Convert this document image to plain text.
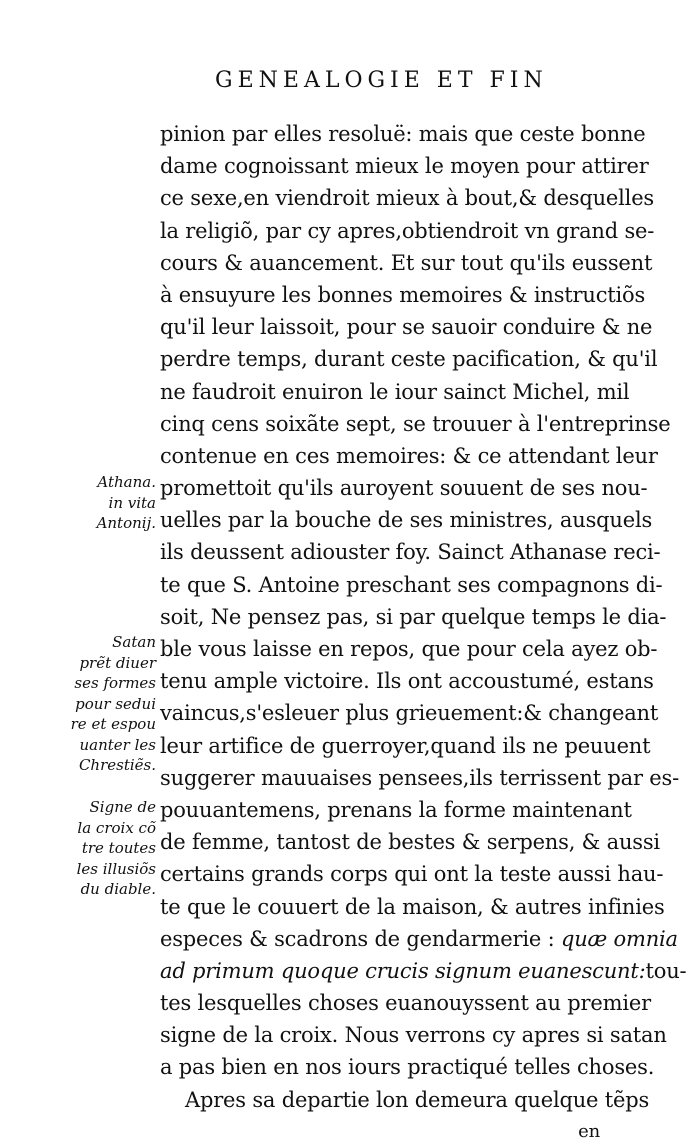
GENEALOGIE ET FIN
pinion par elles resoluë: mais que ceste bonne
dame cognoissant mieux le moyen pour attirer
ce sexe,en viendroit mieux à bout,& desquelles
la religiõ, par cy apres,obtiendroit vn grand se-
cours & auancement. Et sur tout qu'ils eussent
à ensuyure les bonnes memoires & instructiõs
qu'il leur laissoit, pour se sauoir conduire & ne
perdre temps, durant ceste pacification, & qu'il
ne faudroit enuiron le iour sainct Michel, mil
cinq cens soixãte sept, se trouuer à l'entreprinse
contenue en ces memoires: & ce attendant leur
promettoit qu'ils auroyent souuent de ses nou-
uelles par la bouche de ses ministres, ausquels
ils deussent adiouster foy. Sainct Athanase reci-
te que S. Antoine preschant ses compagnons di-
soit, Ne pensez pas, si par quelque temps le dia-
ble vous laisse en repos, que pour cela ayez ob-
tenu ample victoire. Ils ont accoustumé, estans
vaincus,s'esleuer plus grieuement:& changeant
leur artifice de guerroyer,quand ils ne peuuent
suggerer mauuaises pensees,ils terrissent par es-
pouuantemens, prenans la forme maintenant
de femme, tantost de bestes & serpens, & aussi
certains grands corps qui ont la teste aussi hau-
te que le couuert de la maison, & autres infinies
especes & scadrons de gendarmerie : quæ omnia
ad primum quoque crucis signum euanescunt:tou-
tes lesquelles choses euanouyssent au premier
signe de la croix. Nous verrons cy apres si satan
a pas bien en nos iours practiqué telles choses.
Apres sa departie lon demeura quelque tẽps
en
Athana.
in vita
Antonij.
Satan
prẽt diuer
ses formes
pour sedui
re et espou
uanter les
Chrestiẽs.
Signe de
la croix cõ
tre toutes
les illusiõs
du diable.
